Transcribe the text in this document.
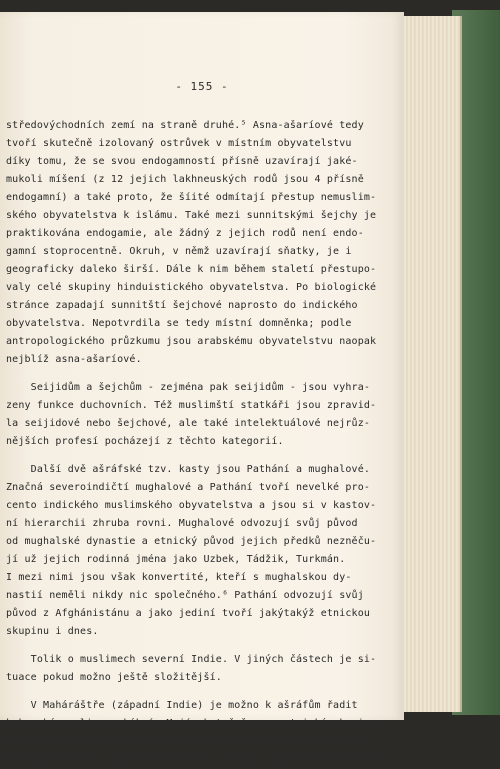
- 155 -
středovýchodních zemí na straně druhé.⁵ Asna-ašaríové tedy
tvoří skutečně izolovaný ostrůvek v místním obyvatelstvu
díky tomu, že se svou endogamností přísně uzavírají jaké-
mukoli míšení (z 12 jejich lakhneuských rodů jsou 4 přísně
endogamní) a také proto, že šíité odmítají přestup nemuslim-
ského obyvatelstva k islámu. Také mezi sunnitskými šejchy je
praktikována endogamie, ale žádný z jejich rodů není endo-
gamní stoprocentně. Okruh, v němž uzavírají sňatky, je i
geograficky daleko širší. Dále k nim během staletí přestupo-
valy celé skupiny hinduistického obyvatelstva. Po biologické
stránce zapadají sunnitští šejchové naprosto do indického
obyvatelstva. Nepotvrdila se tedy místní domněnka; podle
antropologického průzkumu jsou arabskému obyvatelstvu naopak
nejblíž asna-ašaríové.
Seijidům a šejchům - zejména pak seijidům - jsou vyhra-
zeny funkce duchovních. Též muslimští statkáři jsou zpravid-
la seijidové nebo šejchové, ale také intelektuálové nejrůz-
nějších profesí pocházejí z těchto kategorií.
Další dvě ašráfské tzv. kasty jsou Pathání a mughalové.
Značná severoindičtí mughalové a Pathání tvoří nevelké pro-
cento indického muslimského obyvatelstva a jsou si v kastov-
ní hierarchii zhruba rovni. Mughalové odvozují svůj původ
od mughalské dynastie a etnický původ jejich předků nezněču-
jí už jejich rodinná jména jako Uzbek, Tádžik, Turkmán.
I mezi nimi jsou však konvertité, kteří s mughalskou dy-
nastií neměli nikdy nic společného.⁶ Pathání odvozují svůj
původ z Afghánistánu a jako jediní tvoří jakýtakýž etnickou
skupinu i dnes.
Tolik o muslimech severní Indie. V jiných částech je si-
tuace pokud možno ještě složitější.
V Maháráštře (západní Indie) je možno k ašráfům řadit
kokanské muslimy - kókní. Mají skutečně rysy etnické skupiny
a jejich předky byla skupina iráckých muslimů, kteří přišli
do Kókanu 714 a začali se ženit s dcerami místních rybářů. Ti
